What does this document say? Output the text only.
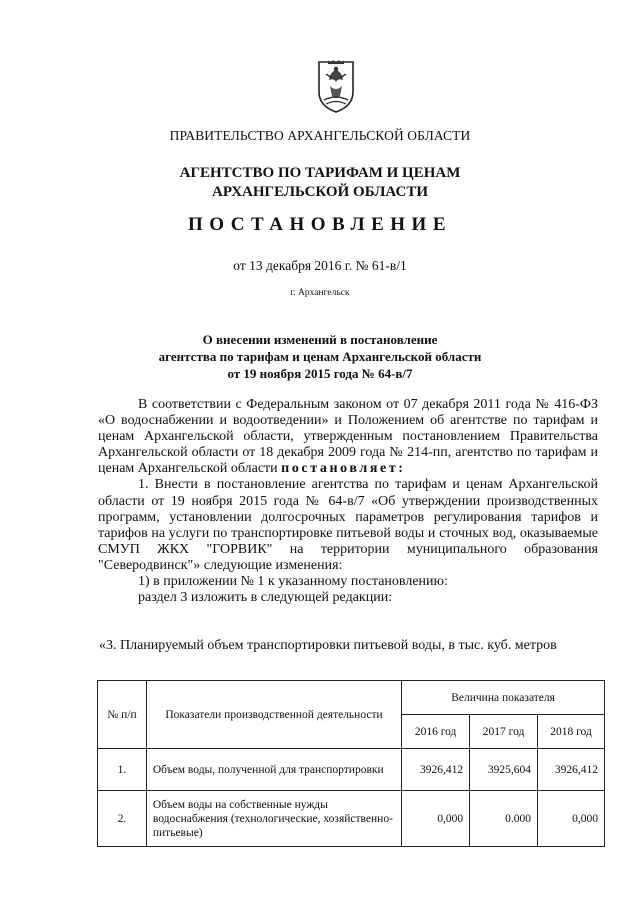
ПРАВИТЕЛЬСТВО АРХАНГЕЛЬСКОЙ ОБЛАСТИ
АГЕНТСТВО ПО ТАРИФАМ И ЦЕНАМ
АРХАНГЕЛЬСКОЙ ОБЛАСТИ
ПОСТАНОВЛЕНИЕ
от 13 декабря 2016 г. № 61-в/1
г. Архангельск
О внесении изменений в постановление
агентства по тарифам и ценам Архангельской области
от 19 ноября 2015 года № 64-в/7

В соответствии с Федеральным законом от 07 декабря 2011 года № 416-ФЗ «О водоснабжении и водоотведении» и Положением об агентстве по тарифам и ценам Архангельской области, утвержденным постановлением Правительства Архангельской области от 18 декабря 2009 года № 214-пп, агентство по тарифам и ценам Архангельской области постановляет:

1. Внести в постановление агентства по тарифам и ценам Архангельской области от 19 ноября 2015 года № 64-в/7 «Об утверждении производственных программ, установлении долгосрочных параметров регулирования тарифов и тарифов на услуги по транспортировке питьевой воды и сточных вод, оказываемые СМУП ЖКХ "ГОРВИК" на территории муниципального образования "Северодвинск"» следующие изменения:

1) в приложении № 1 к указанному постановлению:

раздел 3 изложить в следующей редакции:

«3. Планируемый объем транспортировки питьевой воды, в тыс. куб. метров
№ п/п	Показатели производственной деятельности	Величина показателя		
		2016 год	2017 год	2018 год
1.	Объем воды, полученной для транспортировки	3926,412	3925,604	3926,412
2.	Объем воды на собственные нужды водоснабжения (технологические, хозяйственно-питьевые)	0,000	0.000	0,000
